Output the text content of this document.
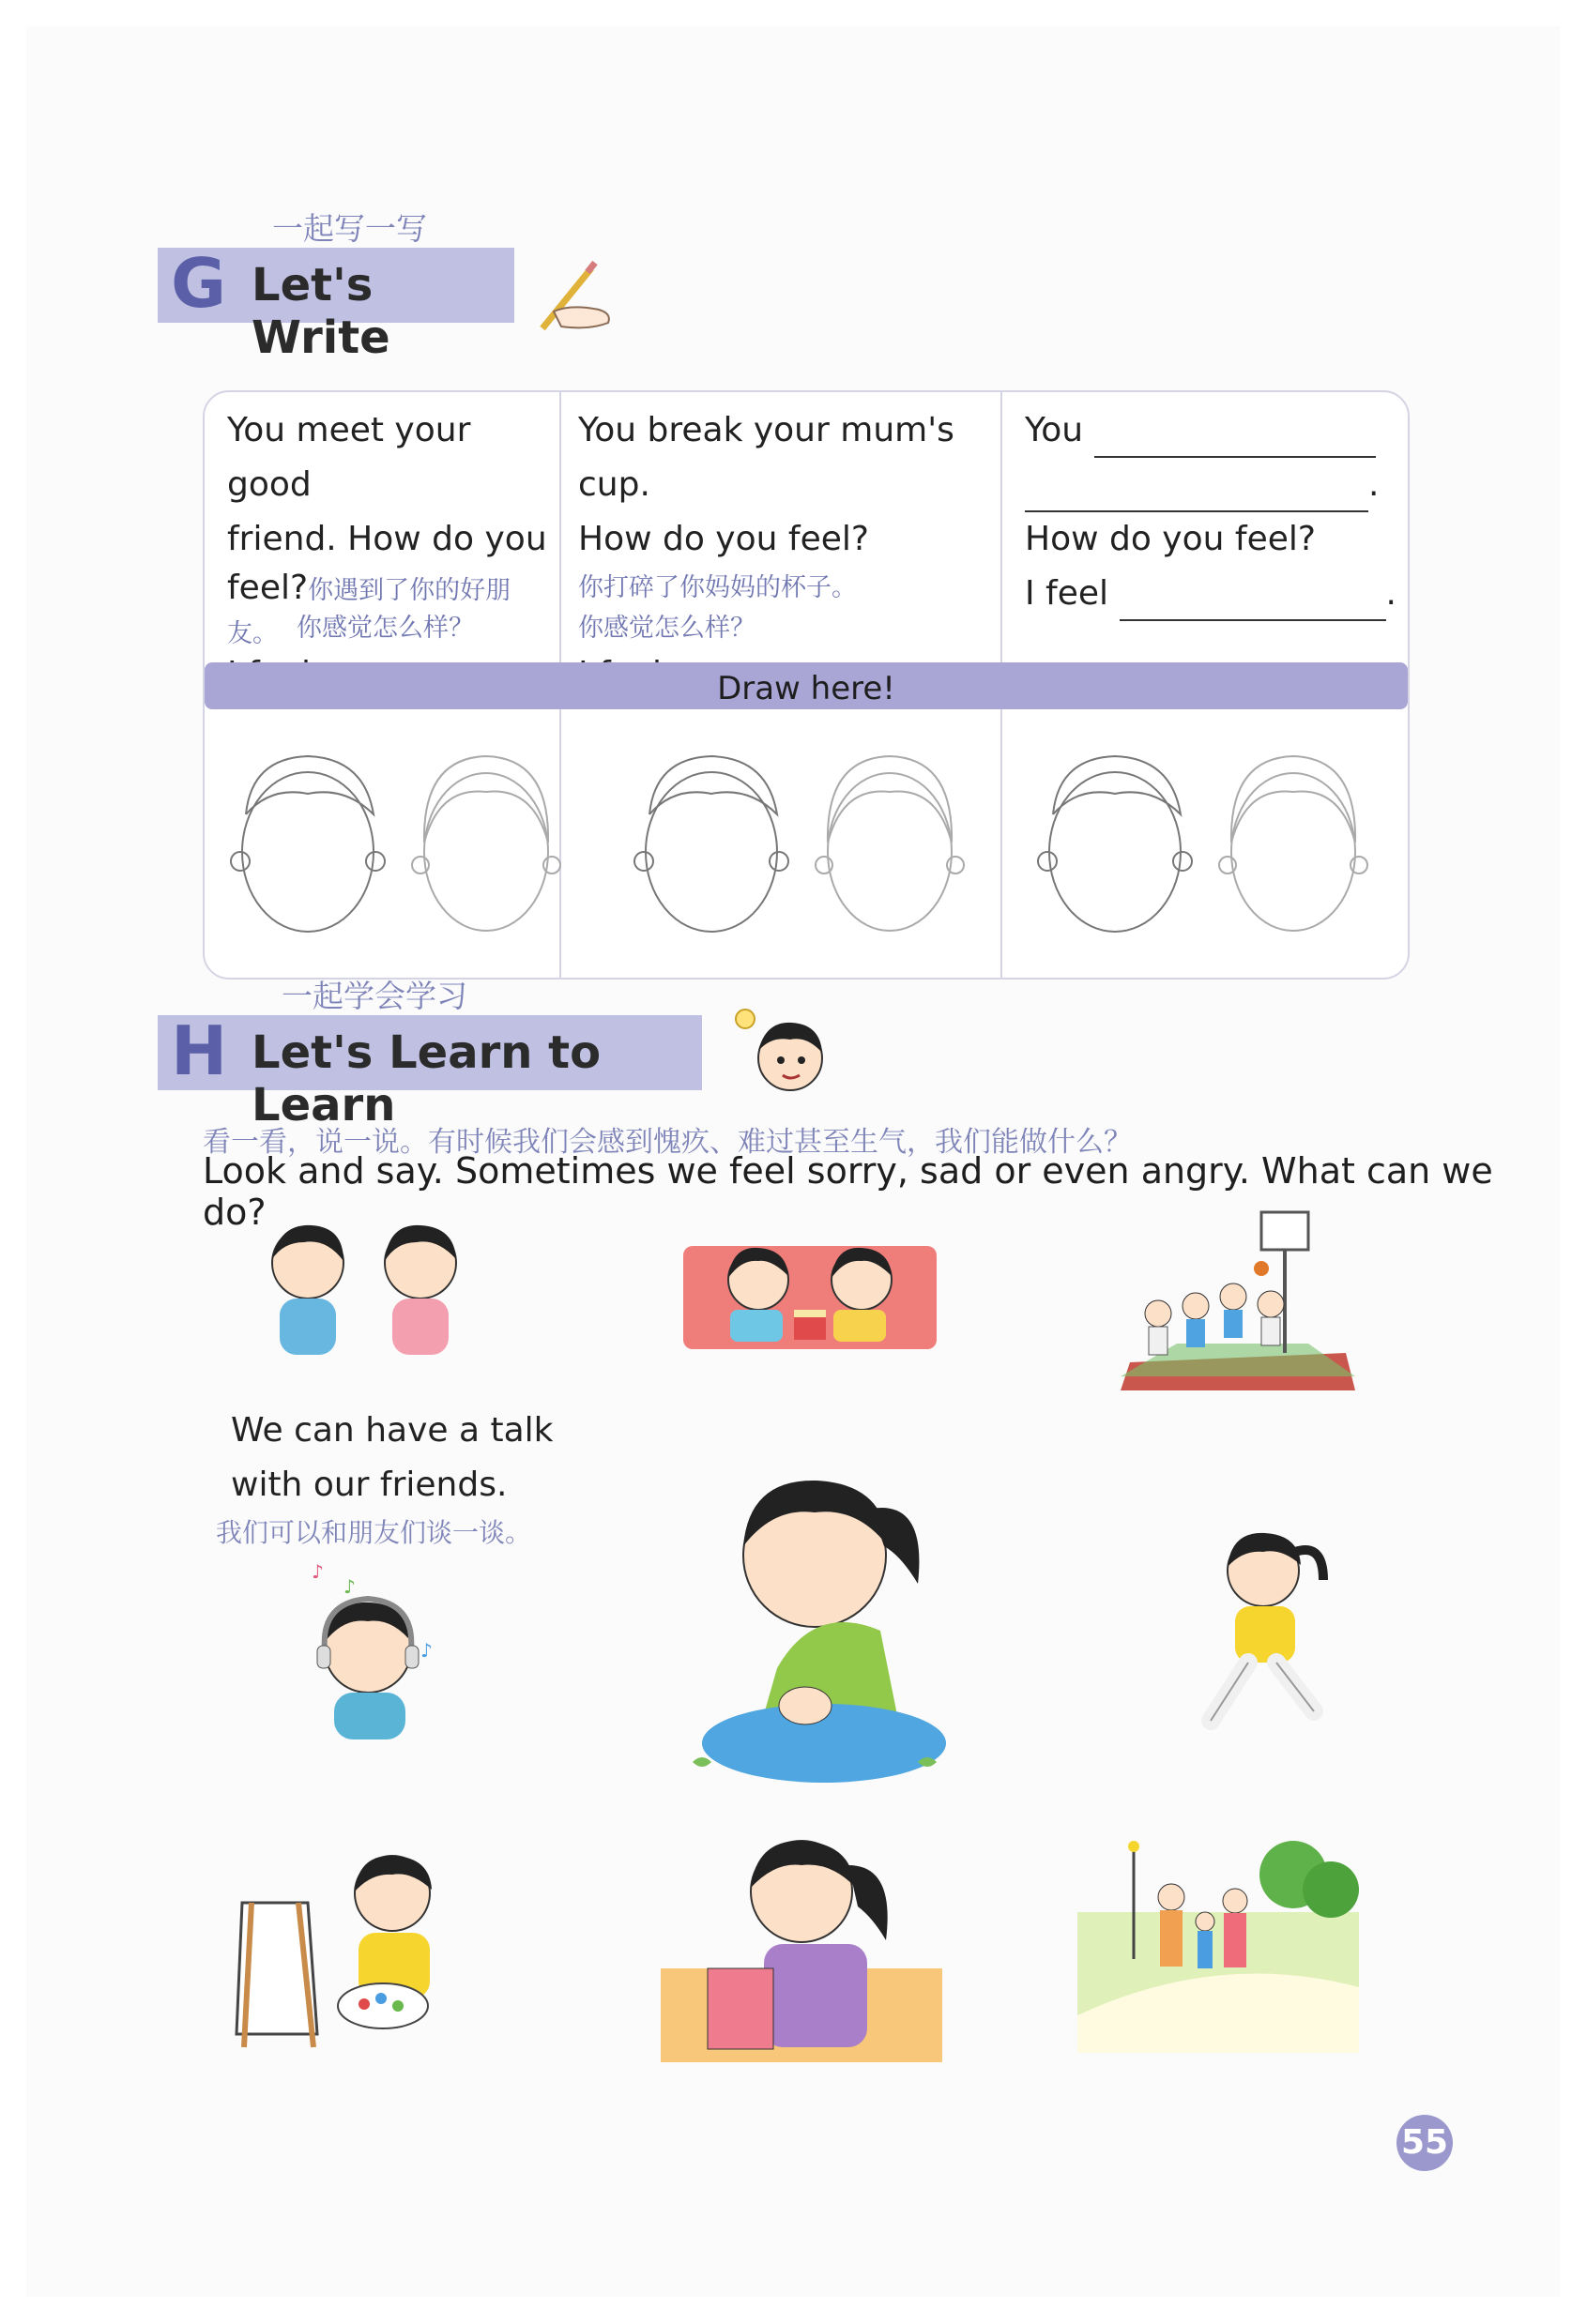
一起写一写
G Let's Write
You meet your good
friend. How do you
feel?你遇到了你的好朋友。 你感觉怎么样？
You break your mum's cup.
How do you feel?
你打碎了你妈妈的杯子。
你感觉怎么样？
You
.
How do you feel?
I feel	.
Draw here!
一起学会学习
H Let's Learn to Learn
看一看，说一说。有时候我们会感到愧疚、难过甚至生气，我们能做什么？
Look and say. Sometimes we feel sorry, sad or even angry. What can we do?
We can have a talk
with our friends.
我们可以和朋友们谈一谈。
♪
♪
♪
55
